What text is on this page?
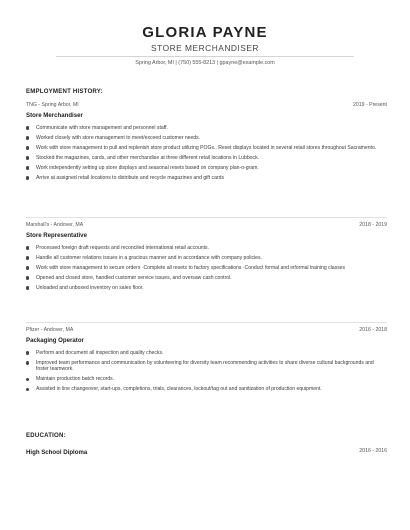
GLORIA PAYNE
STORE MERCHANDISER
Spring Arbor, MI | (750) 555-8213 | gpayne@example.com
EMPLOYMENT HISTORY:
TNG - Spring Arbor, MI	2019 - Present
Store Merchandiser
Communicate with store management and personnel staff.
Worked closely with store management to meet/exceed customer needs.
Work with store management to pull and replenish store product utilizing POGs.. Reset displays located in several retail stores throughout Sacramento.
Stocked the magazines, cards, and other merchandise at three different retail locations in Lubbock.
Work independently setting up store displays and seasonal resets based on company plan-o-gram.
Arrive at assigned retail locations to distribute and recycle magazines and gift cards
Marshall's - Andover, MA	2018 - 2019
Store Representative
Processed foreign draft requests and reconciled international retail accounts.
Handle all customer relations issues in a gracious manner and in accordance with company policies.
Work with store management to secure orders ·Complete all resets to factory specifications ·Conduct formal and informal training classes
Opened and closed store, handled customer service issues, and oversaw cash control.
Unloaded and unboxed inventory on sales floor.
Pfizer - Andover, MA	2016 - 2018
Packaging Operator
Perform and document all inspection and quality checks.
Improved team performance and communication by volunteering for diversity team recommending activities to share diverse cultural backgrounds and foster teamwork.
Maintain production batch records.
Assisted in line changeover, start-ups, completions, trials, clearances, lockout/tag out and sanitization of production equipment.
EDUCATION:
High School Diploma	2016 - 2016
